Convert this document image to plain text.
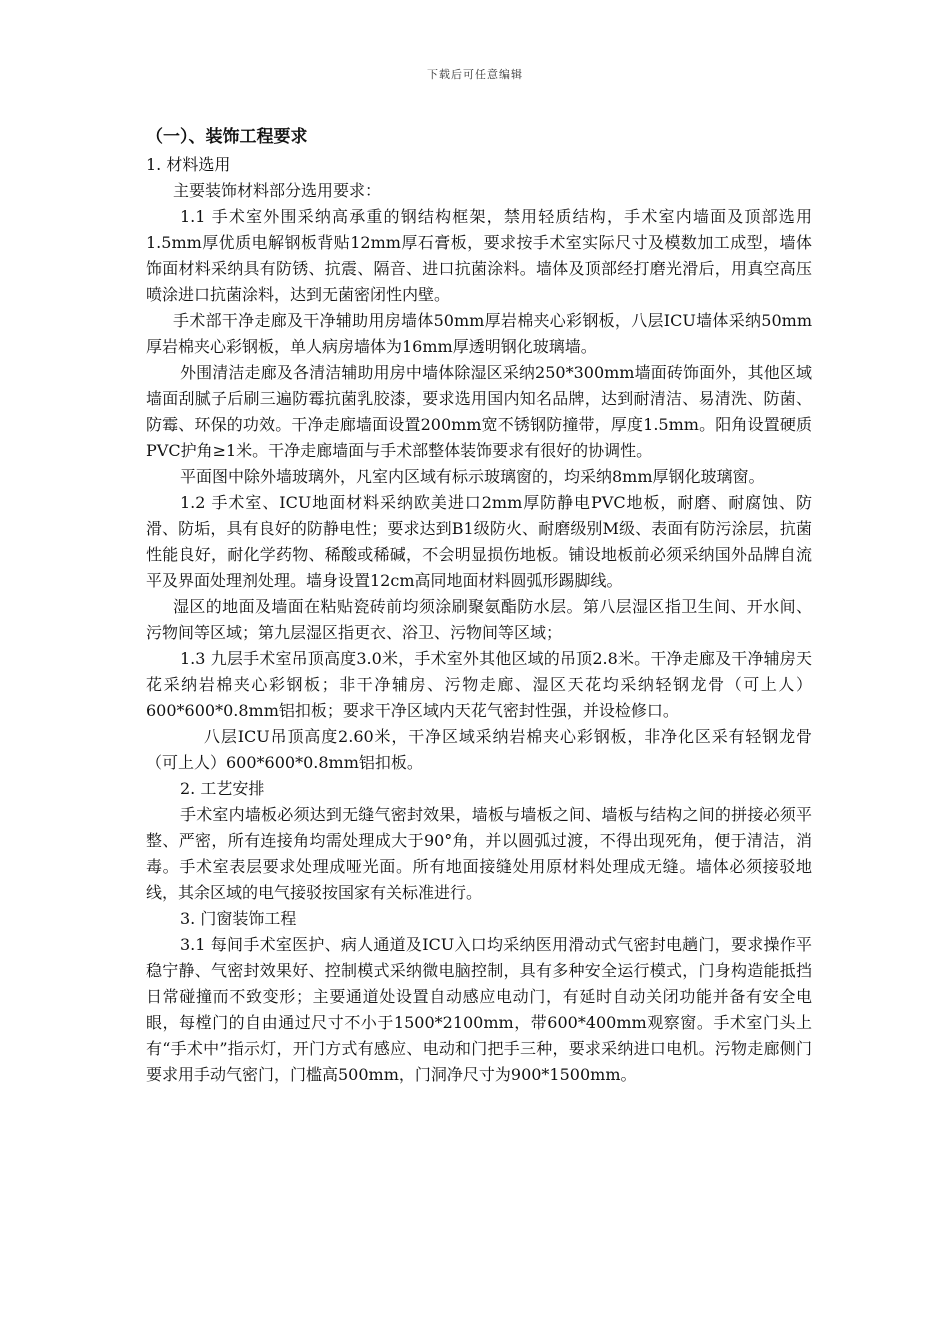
下载后可任意编辑
（一）、装饰工程要求
1. 材料选用
主要装饰材料部分选用要求：
1.1 手术室外围采纳高承重的钢结构框架，禁用轻质结构，手术室内墙面及顶部选用1.5mm厚优质电解钢板背贴12mm厚石膏板，要求按手术室实际尺寸及模数加工成型，墙体饰面材料采纳具有防锈、抗震、隔音、进口抗菌涂料。墙体及顶部经打磨光滑后，用真空高压喷涂进口抗菌涂料，达到无菌密闭性内壁。
手术部干净走廊及干净辅助用房墙体50mm厚岩棉夹心彩钢板，八层ICU墙体采纳50mm厚岩棉夹心彩钢板，单人病房墙体为16mm厚透明钢化玻璃墙。
外围清洁走廊及各清洁辅助用房中墙体除湿区采纳250*300mm墙面砖饰面外，其他区域墙面刮腻子后刷三遍防霉抗菌乳胶漆，要求选用国内知名品牌，达到耐清洁、易清洗、防菌、防霉、环保的功效。干净走廊墙面设置200mm宽不锈钢防撞带，厚度1.5mm。阳角设置硬质PVC护角≥1米。干净走廊墙面与手术部整体装饰要求有很好的协调性。
平面图中除外墙玻璃外，凡室内区域有标示玻璃窗的，均采纳8mm厚钢化玻璃窗。
1.2 手术室、ICU地面材料采纳欧美进口2mm厚防静电PVC地板，耐磨、耐腐蚀、防滑、防垢，具有良好的防静电性；要求达到B1级防火、耐磨级别M级、表面有防污涂层，抗菌性能良好，耐化学药物、稀酸或稀碱，不会明显损伤地板。铺设地板前必须采纳国外品牌自流平及界面处理剂处理。墙身设置12cm高同地面材料圆弧形踢脚线。
湿区的地面及墙面在粘贴瓷砖前均须涂刷聚氨酯防水层。第八层湿区指卫生间、开水间、污物间等区域；第九层湿区指更衣、浴卫、污物间等区域；
1.3 九层手术室吊顶高度3.0米，手术室外其他区域的吊顶2.8米。干净走廊及干净辅房天花采纳岩棉夹心彩钢板；非干净辅房、污物走廊、湿区天花均采纳轻钢龙骨（可上人）600*600*0.8mm铝扣板；要求干净区域内天花气密封性强，并设检修口。
八层ICU吊顶高度2.60米，干净区域采纳岩棉夹心彩钢板，非净化区采有轻钢龙骨（可上人）600*600*0.8mm铝扣板。
2. 工艺安排
手术室内墙板必须达到无缝气密封效果，墙板与墙板之间、墙板与结构之间的拼接必须平整、严密，所有连接角均需处理成大于90°角，并以圆弧过渡，不得出现死角，便于清洁，消毒。手术室表层要求处理成哑光面。所有地面接缝处用原材料处理成无缝。墙体必须接驳地线，其余区域的电气接驳按国家有关标准进行。
3. 门窗装饰工程
3.1 每间手术室医护、病人通道及ICU入口均采纳医用滑动式气密封电趟门，要求操作平稳宁静、气密封效果好、控制模式采纳微电脑控制，具有多种安全运行模式，门身构造能抵挡日常碰撞而不致变形；主要通道处设置自动感应电动门，有延时自动关闭功能并备有安全电眼，每樘门的自由通过尺寸不小于1500*2100mm，带600*400mm观察窗。手术室门头上有“手术中”指示灯，开门方式有感应、电动和门把手三种，要求采纳进口电机。污物走廊侧门要求用手动气密门，门槛高500mm，门洞净尺寸为900*1500mm。
